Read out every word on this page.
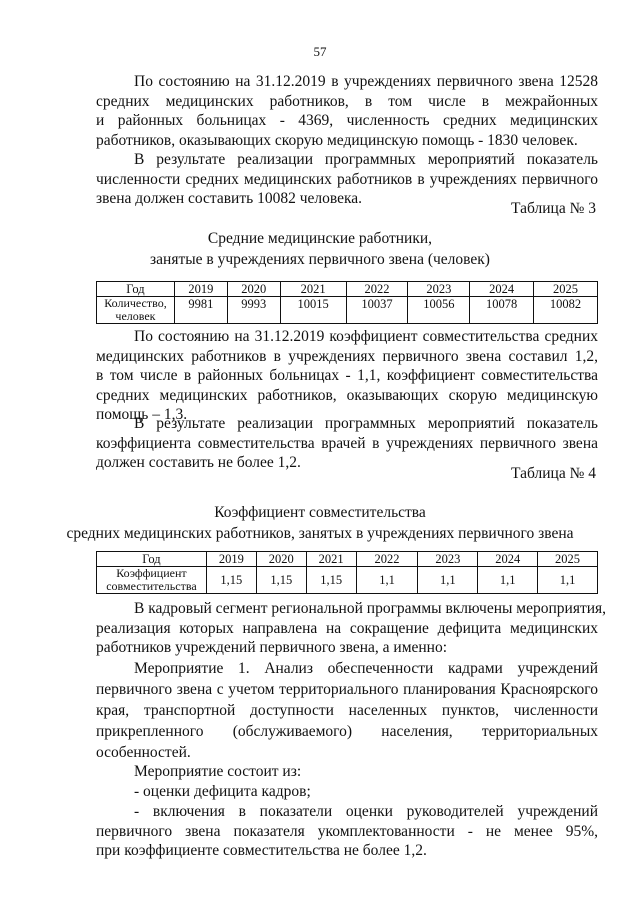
57
По состоянию на 31.12.2019 в учреждениях первичного звена 12528
средних медицинских работников, в том числе в межрайонных
и районных больницах - 4369, численность средних медицинских
работников, оказывающих скорую медицинскую помощь - 1830 человек.
В результате реализации программных мероприятий показатель
численности средних медицинских работников в учреждениях первичного
звена должен составить 10082 человека.
Таблица № 3
Средние медицинские работники,
занятые в учреждениях первичного звена (человек)
Год	2019	2020	2021	2022	2023	2024	2025

Количество,
человек	9981	9993	10015	10037	10056	10078	10082
По состоянию на 31.12.2019 коэффициент совместительства средних
медицинских работников в учреждениях первичного звена составил 1,2,
в том числе в районных больницах - 1,1, коэффициент совместительства
средних медицинских работников, оказывающих скорую медицинскую
помощь – 1,3.
В результате реализации программных мероприятий показатель
коэффициента совместительства врачей в учреждениях первичного звена
должен составить не более 1,2.
Таблица № 4
Коэффициент совместительства
средних медицинских работников, занятых в учреждениях первичного звена
Год	2019	2020	2021	2022	2023	2024	2025

Коэффициент
совместительства	1,15	1,15	1,15	1,1	1,1	1,1	1,1
В кадровый сегмент региональной программы включены мероприятия,
реализация которых направлена на сокращение дефицита медицинских
работников учреждений первичного звена, а именно:
Мероприятие 1. Анализ обеспеченности кадрами учреждений
первичного звена с учетом территориального планирования Красноярского
края, транспортной доступности населенных пунктов, численности
прикрепленного (обслуживаемого) населения, территориальных
особенностей.
Мероприятие состоит из:
- оценки дефицита кадров;
- включения в показатели оценки руководителей учреждений
первичного звена показателя укомплектованности - не менее 95%,
при коэффициенте совместительства не более 1,2.
